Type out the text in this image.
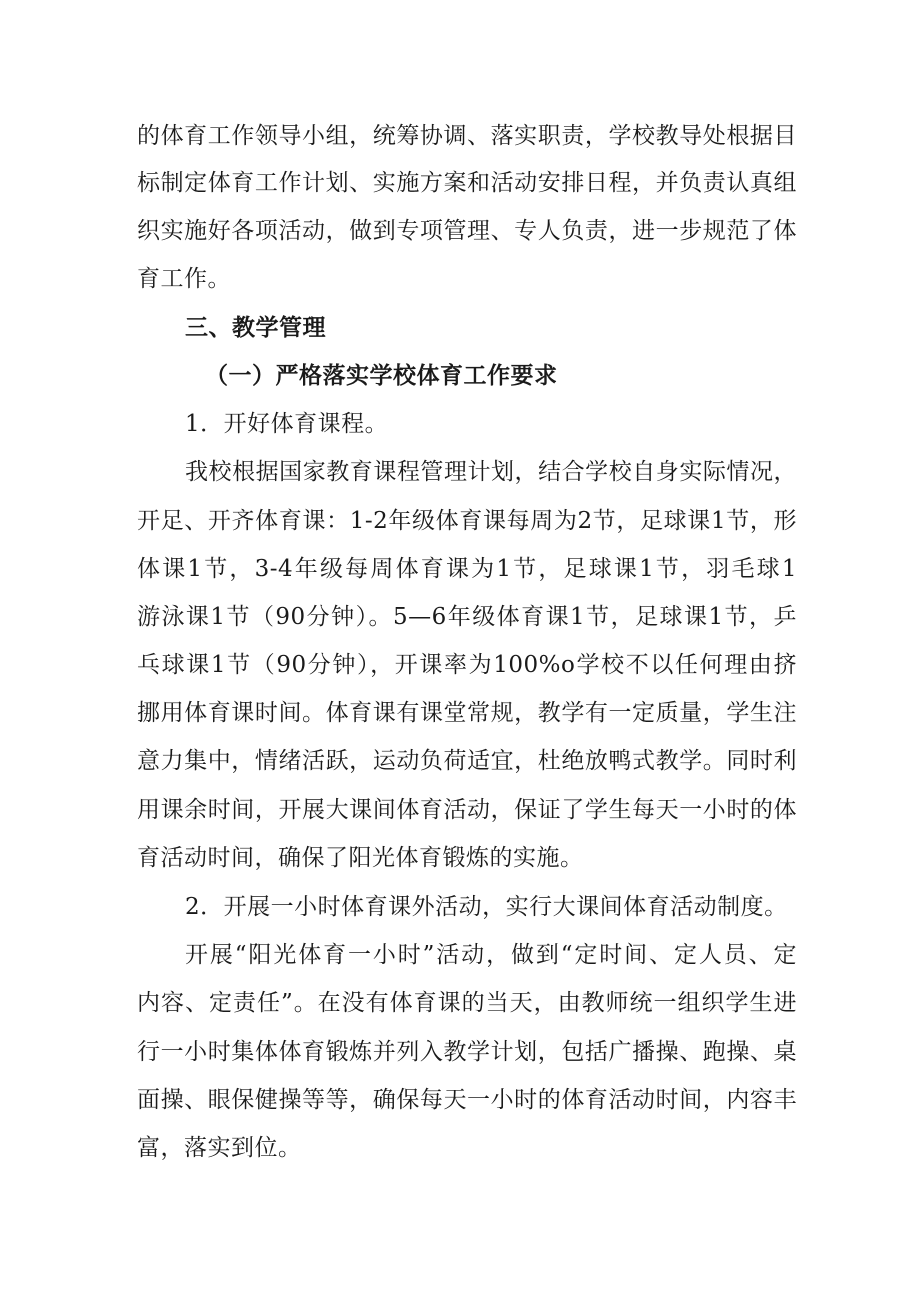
的体育工作领导小组，统筹协调、落实职责，学校教导处根据目
标制定体育工作计划、实施方案和活动安排日程，并负责认真组
织实施好各项活动，做到专项管理、专人负责，进一步规范了体
育工作。
三、教学管理
（一）严格落实学校体育工作要求
1．开好体育课程。
我校根据国家教育课程管理计划，结合学校自身实际情况，
开足、开齐体育课：1-2年级体育课每周为2节，足球课1节，形
体课1节，3-4年级每周体育课为1节，足球课1节，羽毛球1
游泳课1节（90分钟）。5—6年级体育课1节，足球课1节，乒
乓球课1节（90分钟），开课率为100%o学校不以任何理由挤
挪用体育课时间。体育课有课堂常规，教学有一定质量，学生注
意力集中，情绪活跃，运动负荷适宜，杜绝放鸭式教学。同时利
用课余时间，开展大课间体育活动，保证了学生每天一小时的体
育活动时间，确保了阳光体育锻炼的实施。
2．开展一小时体育课外活动，实行大课间体育活动制度。
开展“阳光体育一小时”活动，做到“定时间、定人员、定
内容、定责任”。在没有体育课的当天，由教师统一组织学生进
行一小时集体体育锻炼并列入教学计划，包括广播操、跑操、桌
面操、眼保健操等等，确保每天一小时的体育活动时间，内容丰
富，落实到位。
